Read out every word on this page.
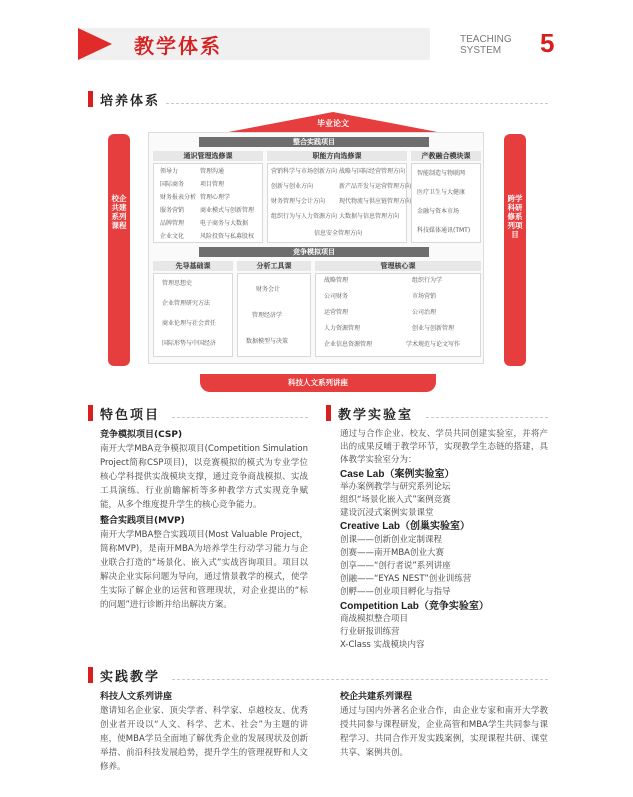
教学体系	TEACHING
SYSTEM	5
培养体系
毕业论文
校企共建系列课程
跨学科研修系列项目
整合实践项目
通识管理选修课
领导力
国际商务
财务报表分析
服务营销
品牌管理
企业文化
管理沟通
项目管理
管理心理学
商业模式与创新管理
电子商务与大数据
风险投资与私募股权
职能方向选修课
营销科学与市场创新方向
创新与创业方向
财务管理与会计方向
组织行为与人力资源方向
战略与国际经营管理方向
新产品开发与运营管理方向
现代物流与供应链管理方向
大数据与信息管理方向
信息安全管理方向
产教融合模块课
智能制造与物联网
医疗卫生与大健康
金融与资本市场
科技媒体通讯(TMT)
竞争模拟项目
先导基础课
管理思想史
企业管理研究方法
商业伦理与社会责任
国际形势与中国经济
分析工具课
财务会计
管理经济学
数据模型与决策
管理核心课
战略管理
公司财务
运营管理
人力资源管理
企业信息资源管理
组织行为学
市场营销
公司治理
创业与创新管理
学术规范与论文写作
科技人文系列讲座
特色项目
竞争模拟项目(CSP)
南开大学MBA竞争模拟项目(Competition Simulation Project简称CSP项目)，以竞赛模拟的模式为专业学位核心学科提供实战模块支撑，通过竞争商战模拟、实战工具演练、行业前瞻解析等多种教学方式实现竞争赋能，从多个维度提升学生的核心竞争能力。
整合实践项目(MVP)
南开大学MBA整合实践项目(Most Valuable Project，简称MVP)，是南开MBA为培养学生行动学习能力与企业联合打造的“场景化、嵌入式”实战咨询项目。项目以解决企业实际问题为导向，通过情景教学的模式，使学生实际了解企业的运营和管理现状，对企业提出的“标的问题”进行诊断并给出解决方案。
教学实验室
通过与合作企业、校友、学员共同创建实验室，并将产出的成果反哺于教学环节，实现教学生态链的搭建，具体教学实验室分为：
Case Lab（案例实验室）
举办案例教学与研究系列论坛
组织“场景化嵌入式”案例竞赛
建设沉浸式案例实景课堂
Creative Lab（创巢实验室）
创课——创新创业定制课程
创赛——南开MBA创业大赛
创享——“创行者说”系列讲座
创融——“EYAS NEST”创业训练营
创孵——创业项目孵化与指导
Competition Lab（竞争实验室）
商战模拟整合项目
行业研报训练营
X-Class 实战模块内容
实践教学
科技人文系列讲座
邀请知名企业家、顶尖学者、科学家、卓越校友、优秀创业者开设以“人文、科学、艺术、社会”为主题的讲座，使MBA学员全面地了解优秀企业的发展现状及创新举措、前沿科技发展趋势，提升学生的管理视野和人文修养。
校企共建系列课程
通过与国内外著名企业合作，由企业专家和南开大学教授共同参与课程研发，企业高管和MBA学生共同参与课程学习、共同合作开发实践案例，实现课程共研、课堂共享、案例共创。
